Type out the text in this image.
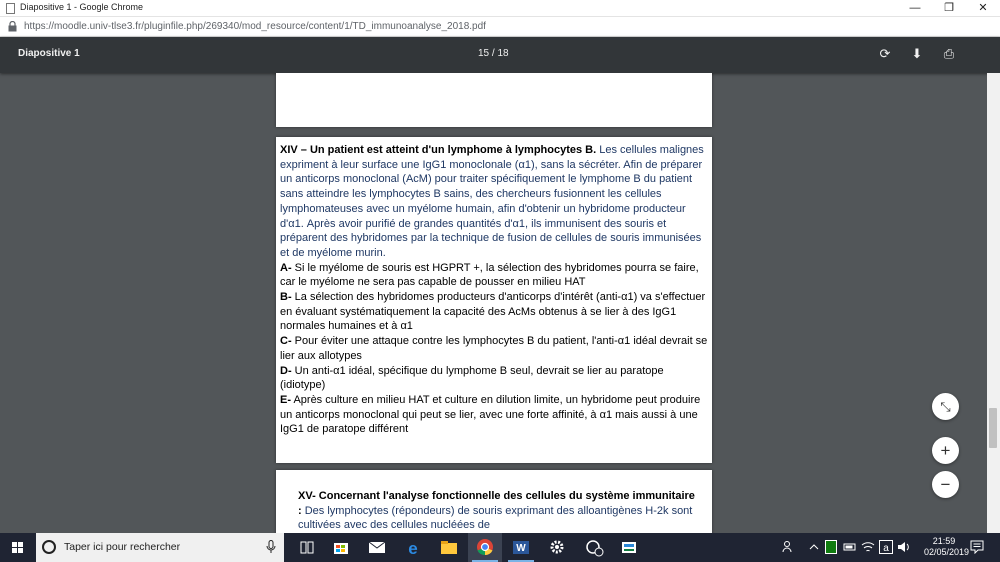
Diapositive 1 - Google Chrome	—	❐	✕
https://moodle.univ-tlse3.fr/pluginfile.php/269340/mod_resource/content/1/TD_immunoanalyse_2018.pdf
Diapositive 1	15 / 18	⟳ ⬇ ⎙
XIV – Un patient est atteint d'un lymphome à lymphocytes B. Les cellules malignes expriment à leur surface une IgG1 monoclonale (α1), sans la sécréter. Afin de préparer un anticorps monoclonal (AcM) pour traiter spécifiquement le lymphome B du patient sans atteindre les lymphocytes B sains, des chercheurs fusionnent les cellules lymphomateuses avec un myélome humain, afin d'obtenir un hybridome producteur d'α1. Après avoir purifié de grandes quantités d'α1, ils immunisent des souris et préparent des hybridomes par la technique de fusion de cellules de souris immunisées et de myélome murin.
A- Si le myélome de souris est HGPRT +, la sélection des hybridomes pourra se faire, car le myélome ne sera pas capable de pousser en milieu HAT
B- La sélection des hybridomes producteurs d'anticorps d'intérêt (anti-α1) va s'effectuer en évaluant systématiquement la capacité des AcMs obtenus à se lier à des IgG1 normales humaines et à α1
C- Pour éviter une attaque contre les lymphocytes B du patient, l'anti-α1 idéal devrait se lier aux allotypes
D- Un anti-α1 idéal, spécifique du lymphome B seul, devrait se lier au paratope (idiotype)
E- Après culture en milieu HAT et culture en dilution limite, un hybridome peut produire un anticorps monoclonal qui peut se lier, avec une forte affinité, à α1 mais aussi à une IgG1 de paratope différent
XV- Concernant l'analyse fonctionnelle des cellules du système immunitaire : Des lymphocytes (répondeurs) de souris exprimant des alloantigènes H-2k sont cultivées avec des cellules nucléées de
⤡
+
−
Taper ici pour rechercher	e	W	a
21:59
02/05/2019
